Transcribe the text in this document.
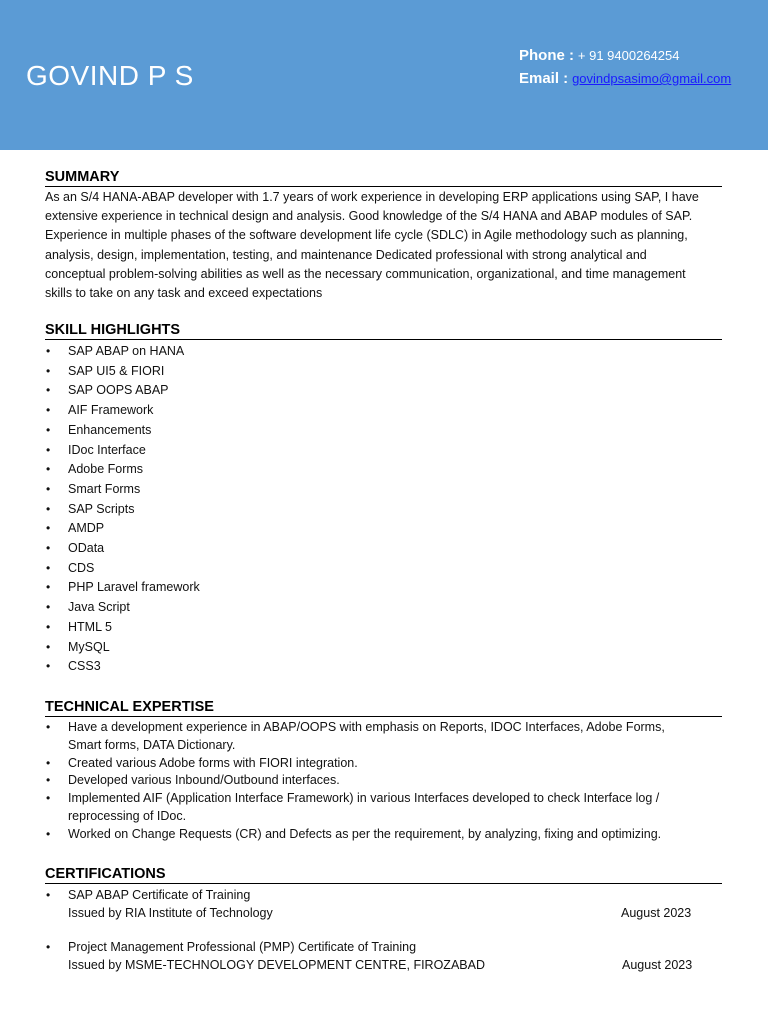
GOVIND P S
Phone : + 91 9400264254
Email : govindpsasimo@gmail.com
SUMMARY
As an S/4 HANA-ABAP developer with 1.7 years of work experience in developing ERP applications using SAP, I have
extensive experience in technical design and analysis. Good knowledge of the S/4 HANA and ABAP modules of SAP.
Experience in multiple phases of the software development life cycle (SDLC) in Agile methodology such as planning,
analysis, design, implementation, testing, and maintenance Dedicated professional with strong analytical and
conceptual problem-solving abilities as well as the necessary communication, organizational, and time management
skills to take on any task and exceed expectations
SKILL HIGHLIGHTS
• SAP ABAP on HANA
• SAP UI5 & FIORI
• SAP OOPS ABAP
• AIF Framework
• Enhancements
• IDoc Interface
• Adobe Forms
• Smart Forms
• SAP Scripts
• AMDP
• OData
• CDS
• PHP Laravel framework
• Java Script
• HTML 5
• MySQL
• CSS3
TECHNICAL EXPERTISE
• Have a development experience in ABAP/OOPS with emphasis on Reports, IDOC Interfaces, Adobe Forms,
Smart forms, DATA Dictionary.
• Created various Adobe forms with FIORI integration.
• Developed various Inbound/Outbound interfaces.
• Implemented AIF (Application Interface Framework) in various Interfaces developed to check Interface log /
reprocessing of IDoc.
• Worked on Change Requests (CR) and Defects as per the requirement, by analyzing, fixing and optimizing.
CERTIFICATIONS
• SAP ABAP Certificate of Training
Issued by RIA Institute of Technology	August 2023
• Project Management Professional (PMP) Certificate of Training
Issued by MSME-TECHNOLOGY DEVELOPMENT CENTRE, FIROZABAD	August 2023
